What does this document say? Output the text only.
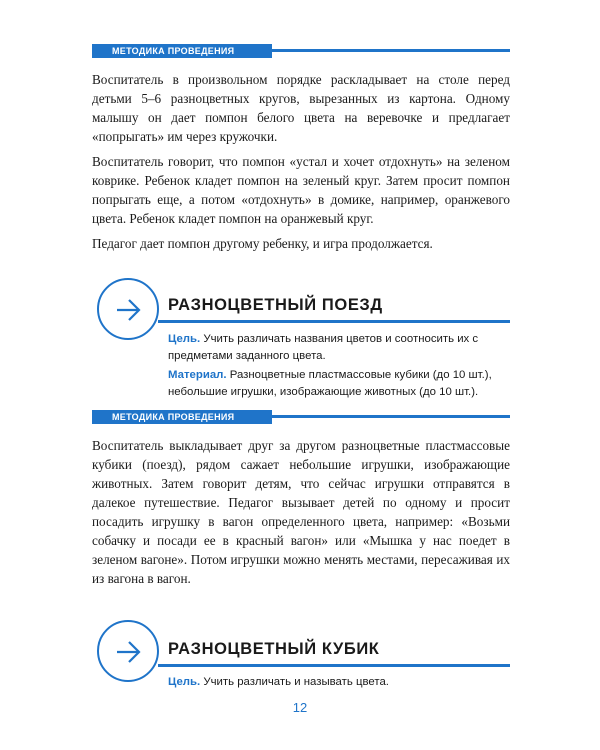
МЕТОДИКА ПРОВЕДЕНИЯ

Воспитатель в произвольном порядке раскладывает на столе перед детьми 5–6 разноцветных кругов, вырезанных из картона. Одному малышу он дает помпон белого цвета на веревочке и предлагает «попрыгать» им через кружочки.

Воспитатель говорит, что помпон «устал и хочет отдохнуть» на зеленом коврике. Ребенок кладет помпон на зеленый круг. Затем просит помпон попрыгать еще, а потом «отдохнуть» в домике, например, оранжевого цвета. Ребенок кладет помпон на оранжевый круг.

Педагог дает помпон другому ребенку, и игра продолжается.

РАЗНОЦВЕТНЫЙ ПОЕЗД

Цель. Учить различать названия цветов и соотносить их с предметами заданного цвета.

Материал. Разноцветные пластмассовые кубики (до 10 шт.), небольшие игрушки, изображающие животных (до 10 шт.).

МЕТОДИКА ПРОВЕДЕНИЯ

Воспитатель выкладывает друг за другом разноцветные пластмассовые кубики (поезд), рядом сажает небольшие игрушки, изображающие животных. Затем говорит детям, что сейчас игрушки отправятся в далекое путешествие. Педагог вызывает детей по одному и просит посадить игрушку в вагон определенного цвета, например: «Возьми собачку и посади ее в красный вагон» или «Мышка у нас поедет в зеленом вагоне». Потом игрушки можно менять местами, пересаживая их из вагона в вагон.

РАЗНОЦВЕТНЫЙ КУБИК

Цель. Учить различать и называть цвета.

12
